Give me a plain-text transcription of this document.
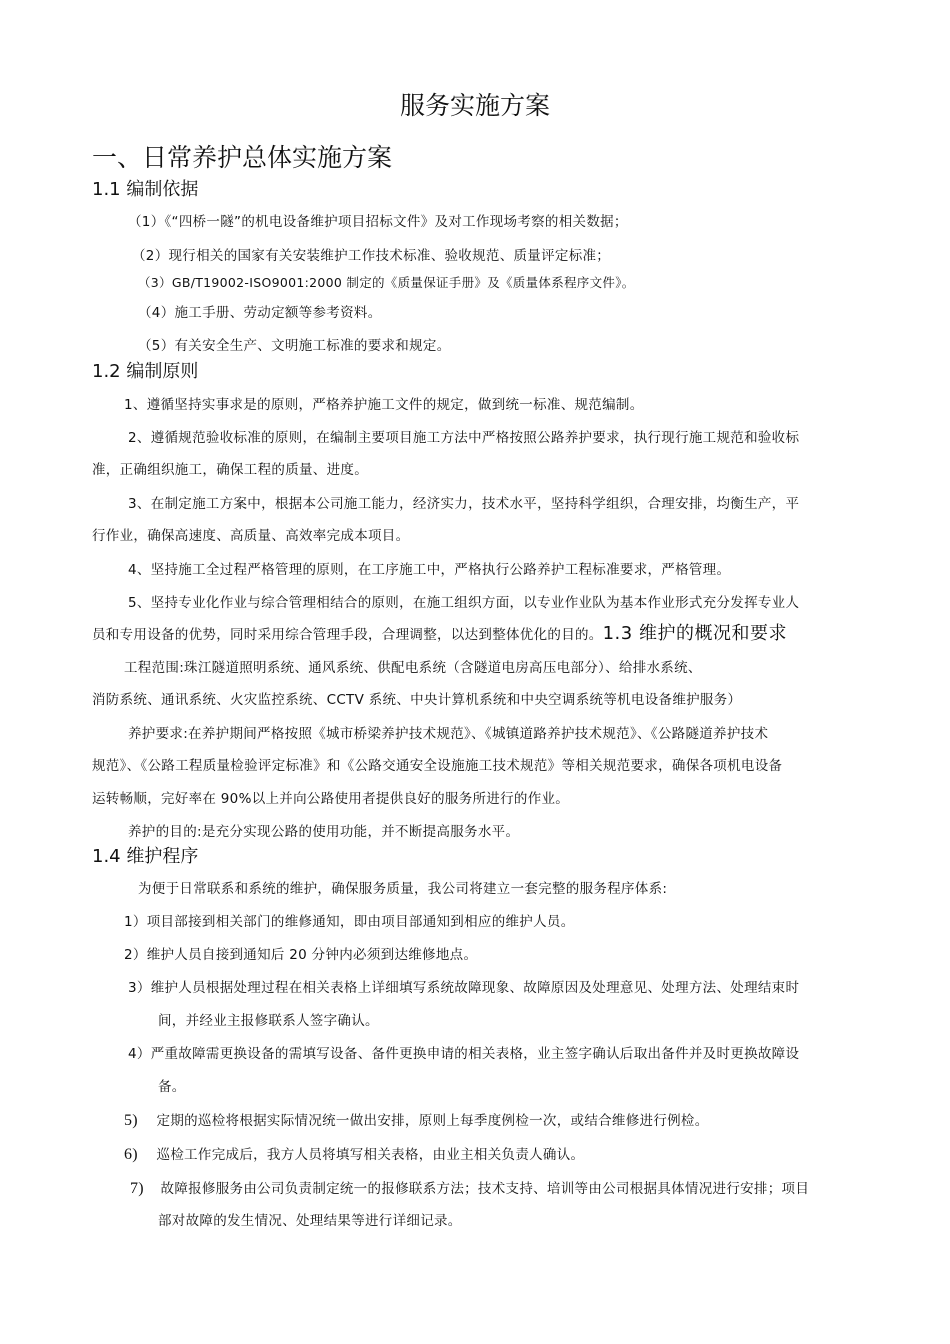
服务实施方案
一、日常养护总体实施方案
1.1 编制依据
（1）《“四桥一隧”的机电设备维护项目招标文件》及对工作现场考察的相关数据；
（2）现行相关的国家有关安装维护工作技术标准、验收规范、质量评定标准；
（3）GB/T19002-ISO9001:2000 制定的《质量保证手册》及《质量体系程序文件》。
（4）施工手册、劳动定额等参考资料。
（5）有关安全生产、文明施工标准的要求和规定。
1.2 编制原则
1、遵循坚持实事求是的原则，严格养护施工文件的规定，做到统一标准、规范编制。
2、遵循规范验收标准的原则，在编制主要项目施工方法中严格按照公路养护要求，执行现行施工规范和验收标
准，正确组织施工，确保工程的质量、进度。
3、在制定施工方案中，根据本公司施工能力，经济实力，技术水平，坚持科学组织，合理安排，均衡生产，平
行作业，确保高速度、高质量、高效率完成本项目。
4、坚持施工全过程严格管理的原则，在工序施工中，严格执行公路养护工程标准要求，严格管理。
5、坚持专业化作业与综合管理相结合的原则，在施工组织方面，以专业作业队为基本作业形式充分发挥专业人
员和专用设备的优势，同时采用综合管理手段，合理调整，以达到整体优化的目的。1.3 维护的概况和要求
工程范围:珠江隧道照明系统、通风系统、供配电系统（含隧道电房高压电部分）、给排水系统、
消防系统、通讯系统、火灾监控系统、CCTV 系统、中央计算机系统和中央空调系统等机电设备维护服务）
养护要求:在养护期间严格按照《城市桥梁养护技术规范》、《城镇道路养护技术规范》、《公路隧道养护技术
规范》、《公路工程质量检验评定标准》和《公路交通安全设施施工技术规范》等相关规范要求，确保各项机电设备
运转畅顺，完好率在 90%以上并向公路使用者提供良好的服务所进行的作业。
养护的目的:是充分实现公路的使用功能，并不断提高服务水平。
1.4 维护程序
为便于日常联系和系统的维护，确保服务质量，我公司将建立一套完整的服务程序体系:
1）项目部接到相关部门的维修通知，即由项目部通知到相应的维护人员。
2）维护人员自接到通知后 20 分钟内必须到达维修地点。
3）维护人员根据处理过程在相关表格上详细填写系统故障现象、故障原因及处理意见、处理方法、处理结束时
间，并经业主报修联系人签字确认。
4）严重故障需更换设备的需填写设备、备件更换申请的相关表格，业主签字确认后取出备件并及时更换故障设
备。
5) 定期的巡检将根据实际情况统一做出安排，原则上每季度例检一次，或结合维修进行例检。
6) 巡检工作完成后，我方人员将填写相关表格，由业主相关负责人确认。
7) 故障报修服务由公司负责制定统一的报修联系方法；技术支持、培训等由公司根据具体情况进行安排；项目
部对故障的发生情况、处理结果等进行详细记录。
